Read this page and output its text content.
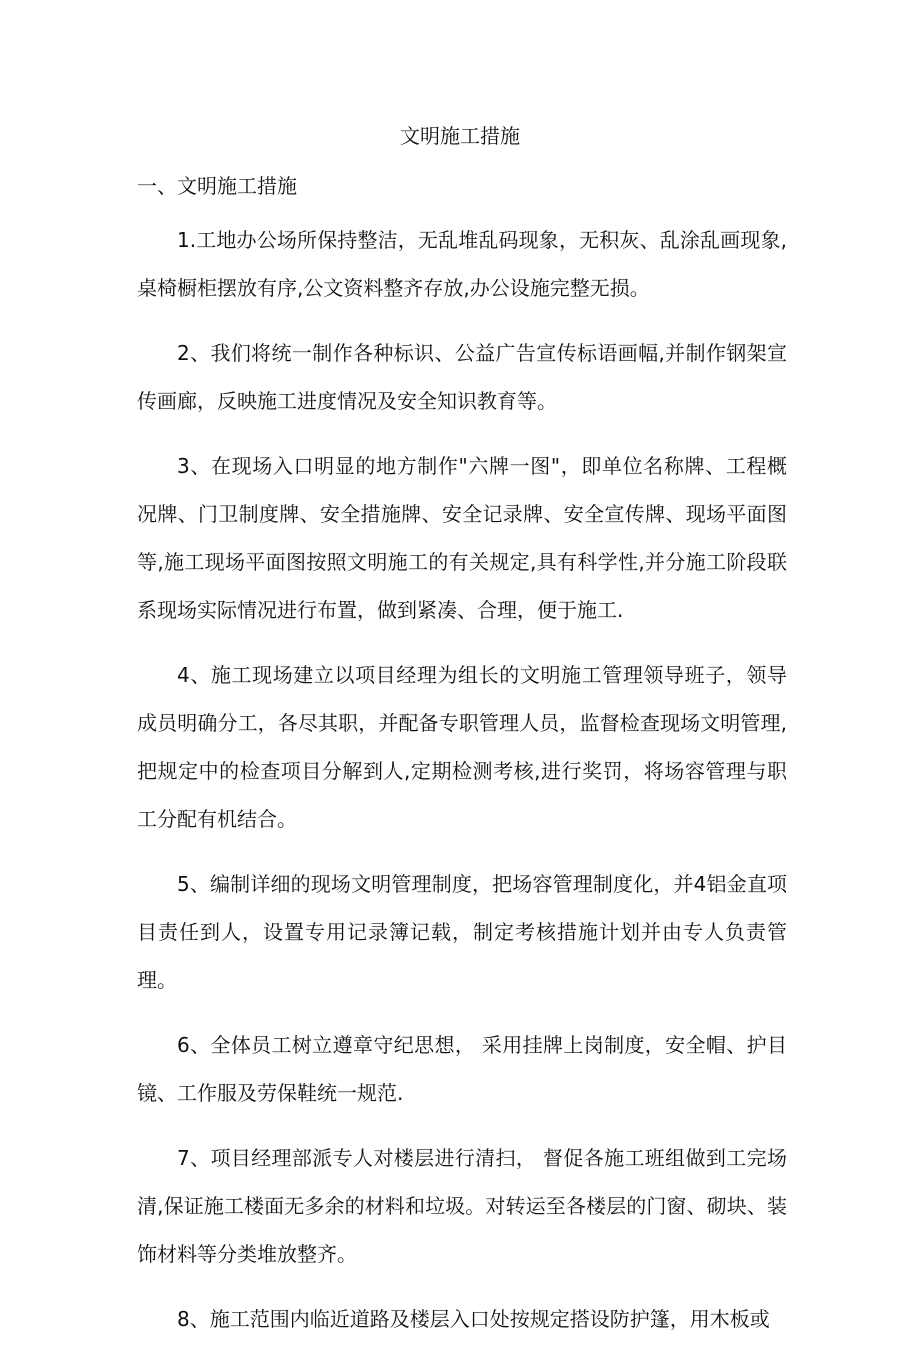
文明施工措施
一、文明施工措施

1.工地办公场所保持整洁，无乱堆乱码现象，无积灰、乱涂乱画现象,桌椅橱柜摆放有序,公文资料整齐存放,办公设施完整无损。

2、我们将统一制作各种标识、公益广告宣传标语画幅,并制作钢架宣传画廊，反映施工进度情况及安全知识教育等。

3、在现场入口明显的地方制作"六牌一图"，即单位名称牌、工程概况牌、门卫制度牌、安全措施牌、安全记录牌、安全宣传牌、现场平面图等,施工现场平面图按照文明施工的有关规定,具有科学性,并分施工阶段联系现场实际情况进行布置，做到紧凑、合理，便于施工.

4、施工现场建立以项目经理为组长的文明施工管理领导班子，领导成员明确分工，各尽其职，并配备专职管理人员，监督检查现场文明管理,把规定中的检查项目分解到人,定期检测考核,进行奖罚，将场容管理与职工分配有机结合。

5、编制详细的现场文明管理制度，把场容管理制度化，并4铝金直项目责任到人，设置专用记录簿记载，制定考核措施计划并由专人负责管理。

6、全体员工树立遵章守纪思想， 采用挂牌上岗制度，安全帽、护目镜、工作服及劳保鞋统一规范.

7、项目经理部派专人对楼层进行清扫， 督促各施工班组做到工完场清,保证施工楼面无多余的材料和垃圾。对转运至各楼层的门窗、砌块、装饰材料等分类堆放整齐。

8、施工范围内临近道路及楼层入口处按规定搭设防护篷，用木板或
